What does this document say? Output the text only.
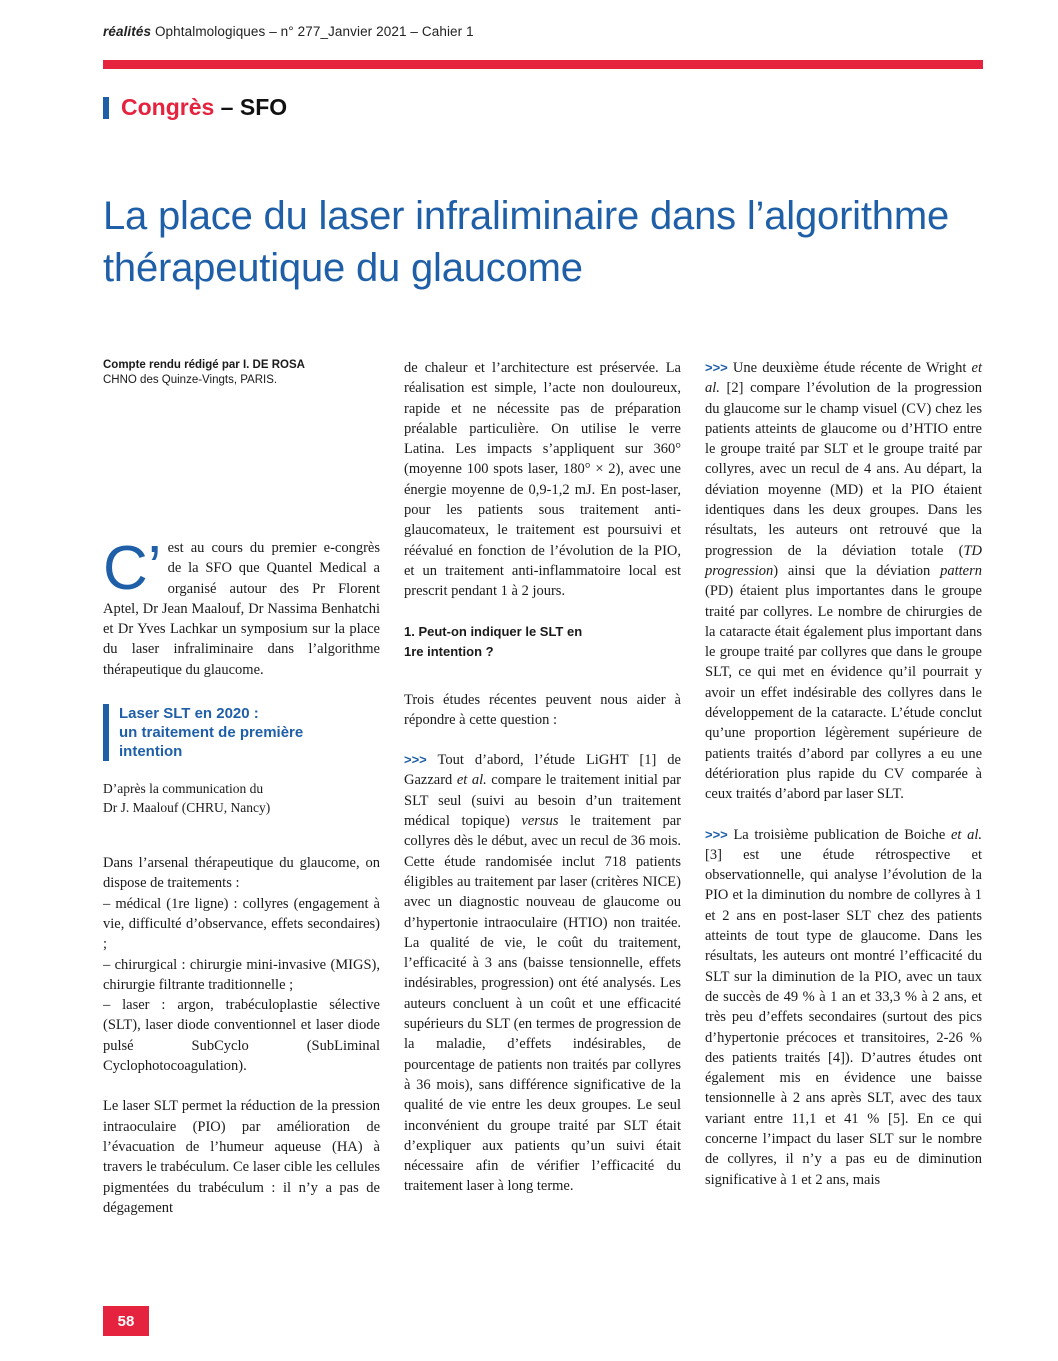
réalités Ophtalmologiques – n° 277_Janvier 2021 – Cahier 1
Congrès – SFO
La place du laser infraliminaire dans l’algorithme thérapeutique du glaucome
Compte rendu rédigé par I. DE ROSA
CHNO des Quinze-Vingts, PARIS.

C’ est au cours du premier e-congrès de la SFO que Quantel Medical a organisé autour des Pr Florent Aptel, Dr Jean Maalouf, Dr Nassima Benhatchi et Dr Yves Lachkar un symposium sur la place du laser infraliminaire dans l’algorithme thérapeutique du glaucome.

Laser SLT en 2020 :
un traitement de première
intention

D’après la communication du
Dr J. Maalouf (CHRU, Nancy)

Dans l’arsenal thérapeutique du glaucome, on dispose de traitements :
– médical (1re ligne) : collyres (engagement à vie, difficulté d’observance, effets secondaires) ;
– chirurgical : chirurgie mini-invasive (MIGS), chirurgie filtrante traditionnelle ;
– laser : argon, trabéculoplastie sélective (SLT), laser diode conventionnel et laser diode pulsé SubCyclo (SubLiminal Cyclophotocoagulation).

Le laser SLT permet la réduction de la pression intraoculaire (PIO) par amélioration de l’évacuation de l’humeur aqueuse (HA) à travers le trabéculum. Ce laser cible les cellules pigmentées du trabéculum : il n’y a pas de dégagement

de chaleur et l’architecture est préservée. La réalisation est simple, l’acte non douloureux, rapide et ne nécessite pas de préparation préalable particulière. On utilise le verre Latina. Les impacts s’appliquent sur 360° (moyenne 100 spots laser, 180° × 2), avec une énergie moyenne de 0,9-1,2 mJ. En post-laser, pour les patients sous traitement anti-glaucomateux, le traitement est poursuivi et réévalué en fonction de l’évolution de la PIO, et un traitement anti-inflammatoire local est prescrit pendant 1 à 2 jours.

1. Peut-on indiquer le SLT en
1re intention ?

Trois études récentes peuvent nous aider à répondre à cette question :

>>> Tout d’abord, l’étude LiGHT [1] de Gazzard et al. compare le traitement initial par SLT seul (suivi au besoin d’un traitement médical topique) versus le traitement par collyres dès le début, avec un recul de 36 mois. Cette étude randomisée inclut 718 patients éligibles au traitement par laser (critères NICE) avec un diagnostic nouveau de glaucome ou d’hypertonie intraoculaire (HTIO) non traitée. La qualité de vie, le coût du traitement, l’efficacité à 3 ans (baisse tensionnelle, effets indésirables, progression) ont été analysés. Les auteurs concluent à un coût et une efficacité supérieurs du SLT (en termes de progression de la maladie, d’effets indésirables, de pourcentage de patients non traités par collyres à 36 mois), sans différence significative de la qualité de vie entre les deux groupes. Le seul inconvénient du groupe traité par SLT était d’expliquer aux patients qu’un suivi était nécessaire afin de vérifier l’efficacité du traitement laser à long terme.

>>> Une deuxième étude récente de Wright et al. [2] compare l’évolution de la progression du glaucome sur le champ visuel (CV) chez les patients atteints de glaucome ou d’HTIO entre le groupe traité par SLT et le groupe traité par collyres, avec un recul de 4 ans. Au départ, la déviation moyenne (MD) et la PIO étaient identiques dans les deux groupes. Dans les résultats, les auteurs ont retrouvé que la progression de la déviation totale (TD progression) ainsi que la déviation pattern (PD) étaient plus importantes dans le groupe traité par collyres. Le nombre de chirurgies de la cataracte était également plus important dans le groupe traité par collyres que dans le groupe SLT, ce qui met en évidence qu’il pourrait y avoir un effet indésirable des collyres dans le développement de la cataracte. L’étude conclut qu’une proportion légèrement supérieure de patients traités d’abord par collyres a eu une détérioration plus rapide du CV comparée à ceux traités d’abord par laser SLT.

>>> La troisième publication de Boiche et al. [3] est une étude rétrospective et observationnelle, qui analyse l’évolution de la PIO et la diminution du nombre de collyres à 1 et 2 ans en post-laser SLT chez des patients atteints de tout type de glaucome. Dans les résultats, les auteurs ont montré l’efficacité du SLT sur la diminution de la PIO, avec un taux de succès de 49 % à 1 an et 33,3 % à 2 ans, et très peu d’effets secondaires (surtout des pics d’hypertonie précoces et transitoires, 2-26 % des patients traités [4]). D’autres études ont également mis en évidence une baisse tensionnelle à 2 ans après SLT, avec des taux variant entre 11,1 et 41 % [5]. En ce qui concerne l’impact du laser SLT sur le nombre de collyres, il n’y a pas eu de diminution significative à 1 et 2 ans, mais

58
